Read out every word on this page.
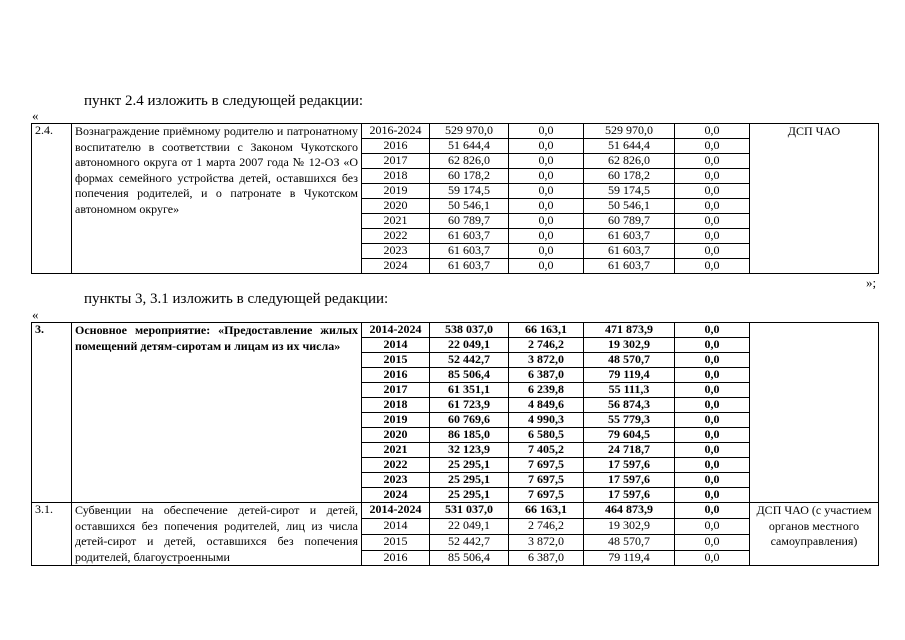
пункт 2.4 изложить в следующей редакции:
«
2.4.	Вознаграждение приёмному родителю и патронатному воспитателю в соответствии с Законом Чукотского автономного округа от 1 марта 2007 года № 12-ОЗ «О формах семейного устройства детей, оставшихся без попечения родителей, и о патронате в Чукотском автономном округе»	2016-2024	529 970,0	0,0	529 970,0	0,0	ДСП ЧАО
		2016	51 644,4	0,0	51 644,4	0,0	
		2017	62 826,0	0,0	62 826,0	0,0	
		2018	60 178,2	0,0	60 178,2	0,0	
		2019	59 174,5	0,0	59 174,5	0,0	
		2020	50 546,1	0,0	50 546,1	0,0	
		2021	60 789,7	0,0	60 789,7	0,0	
		2022	61 603,7	0,0	61 603,7	0,0	
		2023	61 603,7	0,0	61 603,7	0,0	
		2024	61 603,7	0,0	61 603,7	0,0	
»;
пункты 3, 3.1 изложить в следующей редакции:
«
3.	Основное мероприятие: «Предоставление жилых помещений детям-сиротам и лицам из их числа»	2014-2024	538 037,0	66 163,1	471 873,9	0,0	
		2014	22 049,1	2 746,2	19 302,9	0,0	
		2015	52 442,7	3 872,0	48 570,7	0,0	
		2016	85 506,4	6 387,0	79 119,4	0,0	
		2017	61 351,1	6 239,8	55 111,3	0,0	
		2018	61 723,9	4 849,6	56 874,3	0,0	
		2019	60 769,6	4 990,3	55 779,3	0,0	
		2020	86 185,0	6 580,5	79 604,5	0,0	
		2021	32 123,9	7 405,2	24 718,7	0,0	
		2022	25 295,1	7 697,5	17 597,6	0,0	
		2023	25 295,1	7 697,5	17 597,6	0,0	
		2024	25 295,1	7 697,5	17 597,6	0,0	
3.1.	Субвенции на обеспечение детей-сирот и детей, оставшихся без попечения родителей, лиц из числа детей-сирот и детей, оставшихся без попечения родителей, благоустроенными	2014-2024	531 037,0	66 163,1	464 873,9	0,0	ДСП ЧАО (с участием органов местного самоуправления)
		2014	22 049,1	2 746,2	19 302,9	0,0	
		2015	52 442,7	3 872,0	48 570,7	0,0	
		2016	85 506,4	6 387,0	79 119,4	0,0	
